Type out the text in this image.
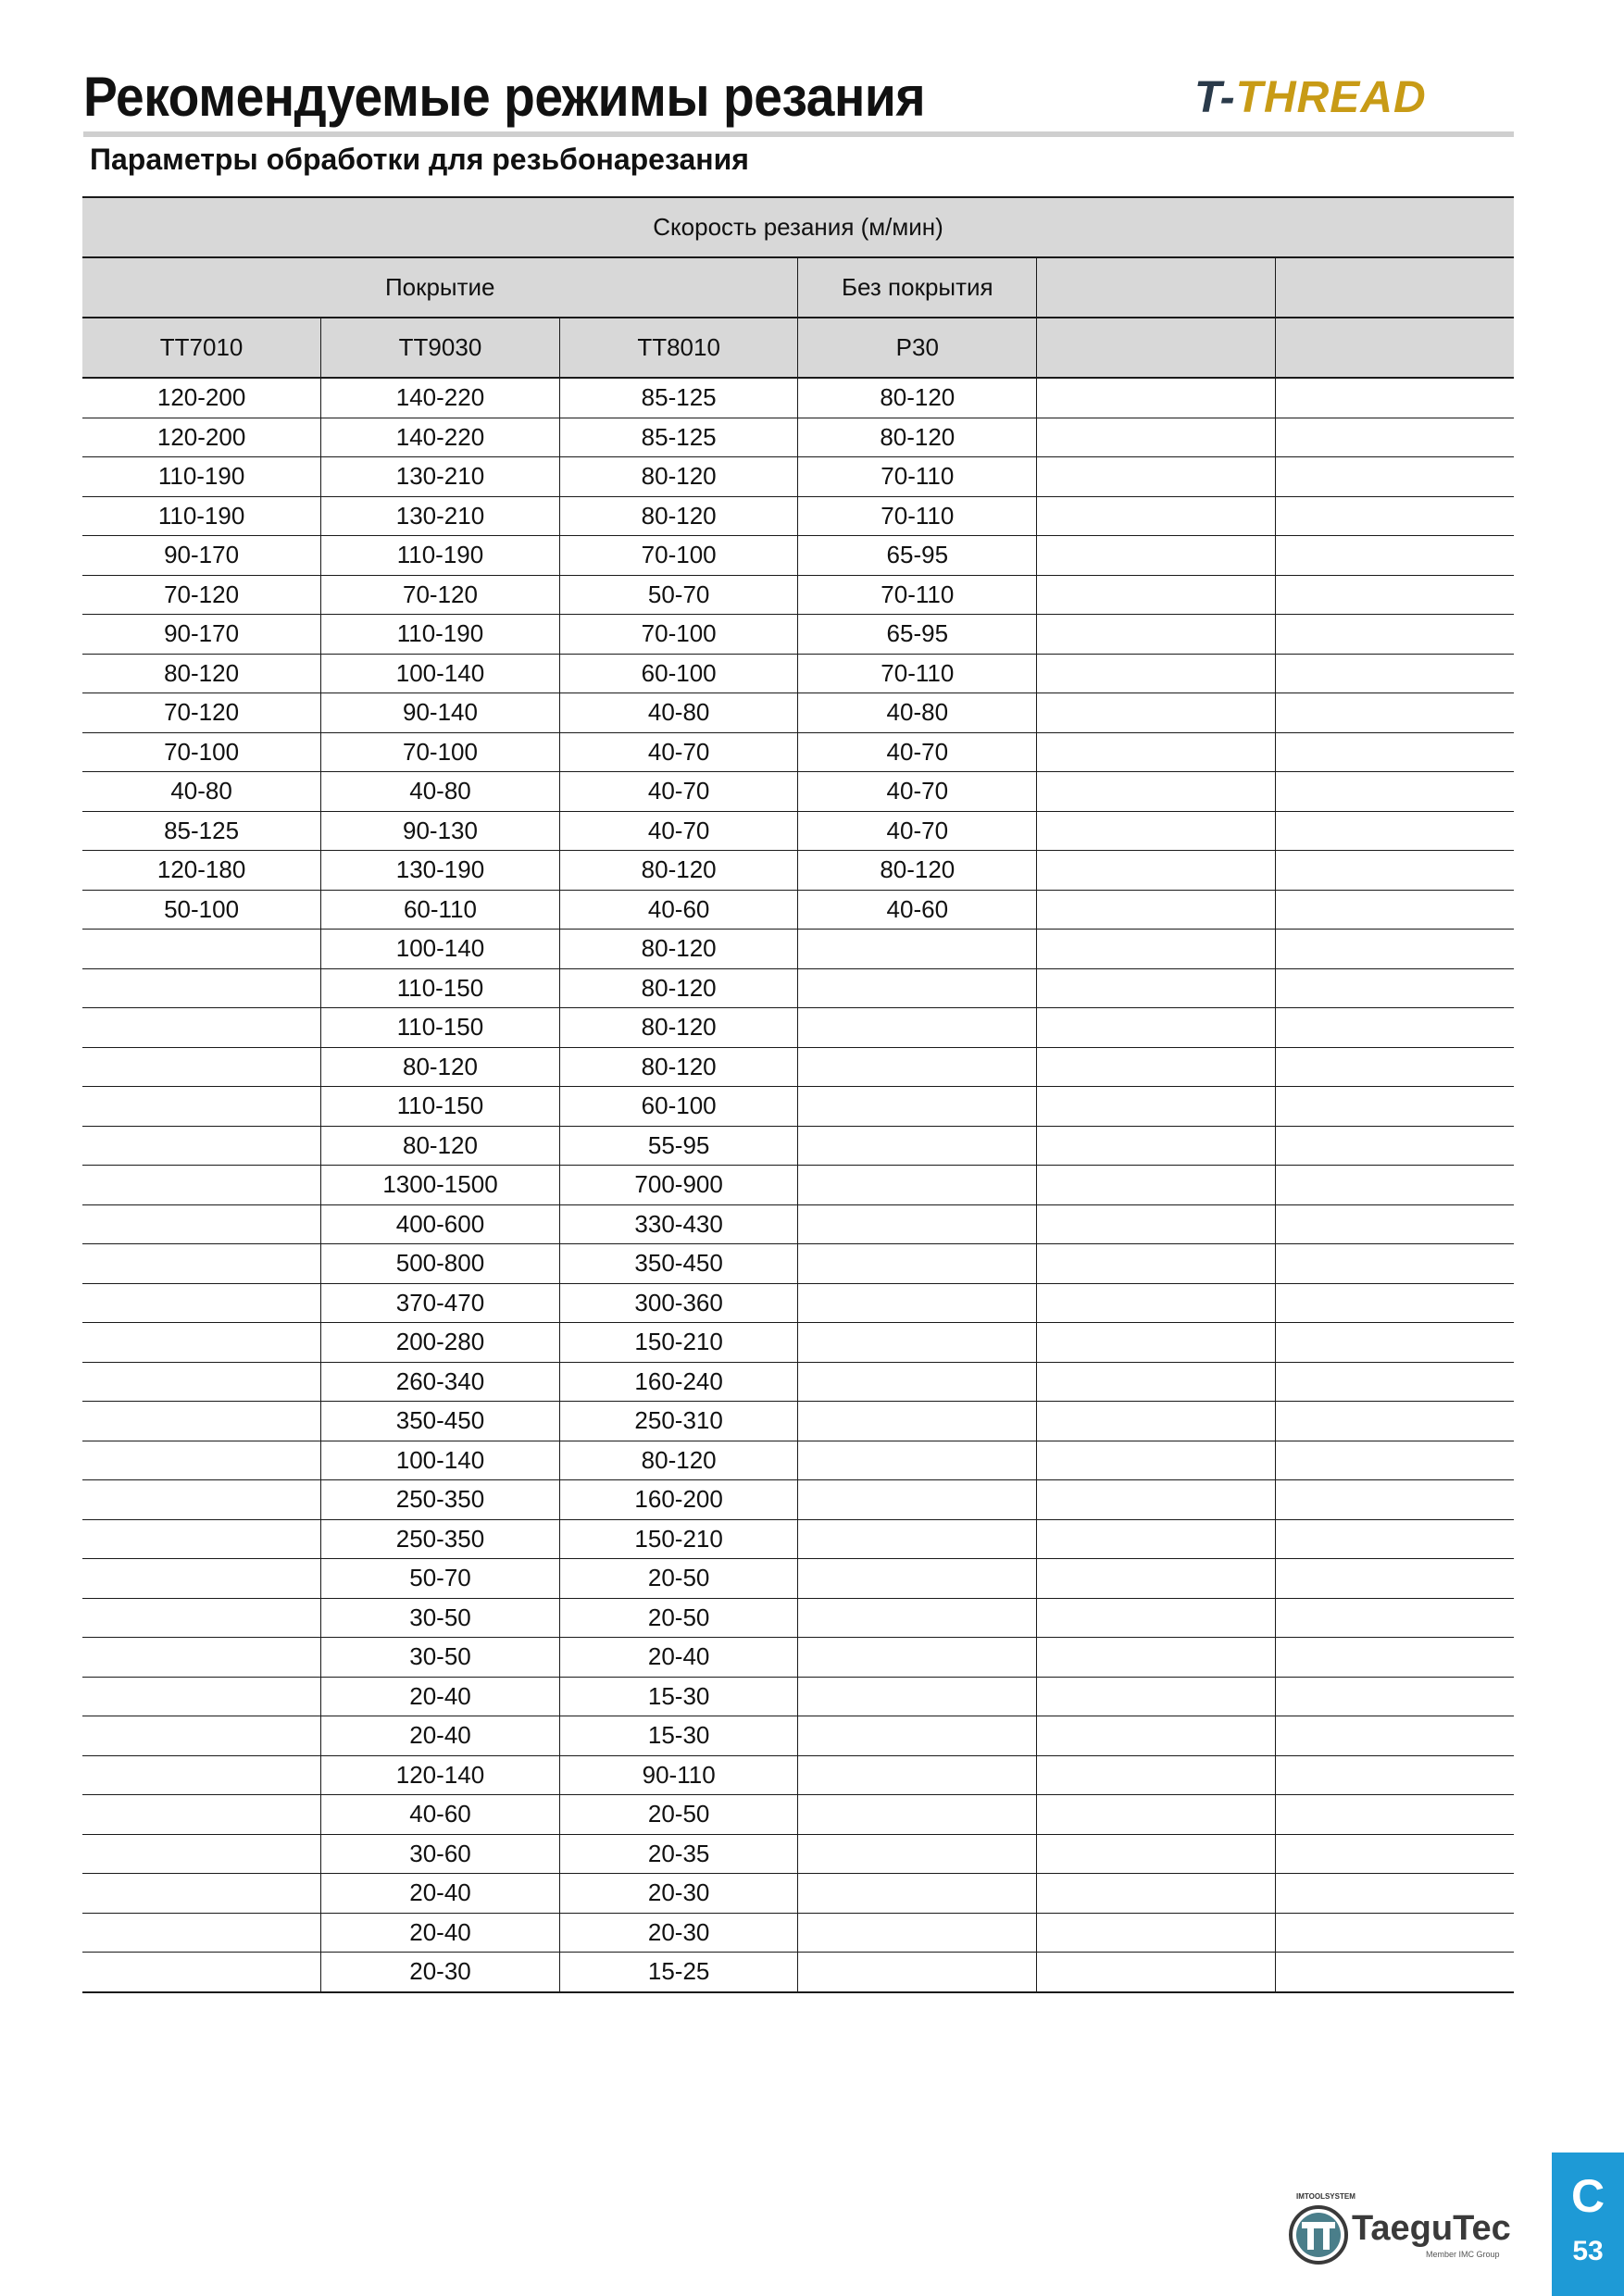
Рекомендуемые режимы резания	T-THREAD
Параметры обработки для резьбонарезания
Скорость резания (м/мин)					
Покрытие			Без покрытия		
TT7010	TT9030	TT8010	P30		
120-200	140-220	85-125	80-120		
120-200	140-220	85-125	80-120		
110-190	130-210	80-120	70-110		
110-190	130-210	80-120	70-110		
90-170	110-190	70-100	65-95		
70-120	70-120	50-70	70-110		
90-170	110-190	70-100	65-95		
80-120	100-140	60-100	70-110		
70-120	90-140	40-80	40-80		
70-100	70-100	40-70	40-70		
40-80	40-80	40-70	40-70		
85-125	90-130	40-70	40-70		
120-180	130-190	80-120	80-120		
50-100	60-110	40-60	40-60		
	100-140	80-120			
	110-150	80-120			
	110-150	80-120			
	80-120	80-120			
	110-150	60-100			
	80-120	55-95			
	1300-1500	700-900			
	400-600	330-430			
	500-800	350-450			
	370-470	300-360			
	200-280	150-210			
	260-340	160-240			
	350-450	250-310			
	100-140	80-120			
	250-350	160-200			
	250-350	150-210			
	50-70	20-50			
	30-50	20-50			
	30-50	20-40			
	20-40	15-30			
	20-40	15-30			
	120-140	90-110			
	40-60	20-50			
	30-60	20-35			
	20-40	20-30			
	20-40	20-30			
	20-30	15-25			
IMTOOLSYSTEM
TaeguTec
Member IMC Group
C
53
